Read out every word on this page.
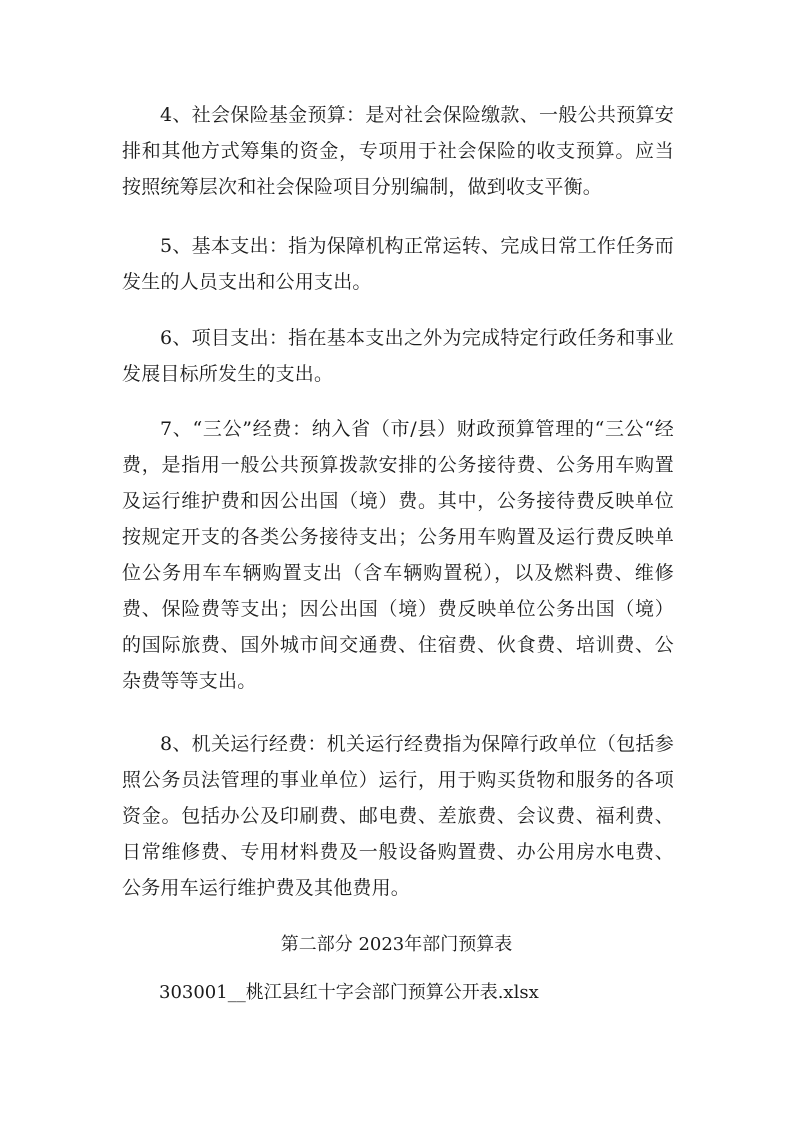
4、社会保险基金预算：是对社会保险缴款、一般公共预算安排和其他方式筹集的资金，专项用于社会保险的收支预算。应当按照统筹层次和社会保险项目分别编制，做到收支平衡。

5、基本支出：指为保障机构正常运转、完成日常工作任务而发生的人员支出和公用支出。

6、项目支出：指在基本支出之外为完成特定行政任务和事业发展目标所发生的支出。

7、“三公”经费：纳入省（市/县）财政预算管理的“三公“经费，是指用一般公共预算拨款安排的公务接待费、公务用车购置及运行维护费和因公出国（境）费。其中，公务接待费反映单位按规定开支的各类公务接待支出；公务用车购置及运行费反映单位公务用车车辆购置支出（含车辆购置税），以及燃料费、维修费、保险费等支出；因公出国（境）费反映单位公务出国（境）的国际旅费、国外城市间交通费、住宿费、伙食费、培训费、公杂费等等支出。

8、机关运行经费：机关运行经费指为保障行政单位（包括参照公务员法管理的事业单位）运行，用于购买货物和服务的各项资金。包括办公及印刷费、邮电费、差旅费、会议费、福利费、日常维修费、专用材料费及一般设备购置费、办公用房水电费、公务用车运行维护费及其他费用。

第二部分 2023年部门预算表

303001__桃江县红十字会部门预算公开表.xlsx
